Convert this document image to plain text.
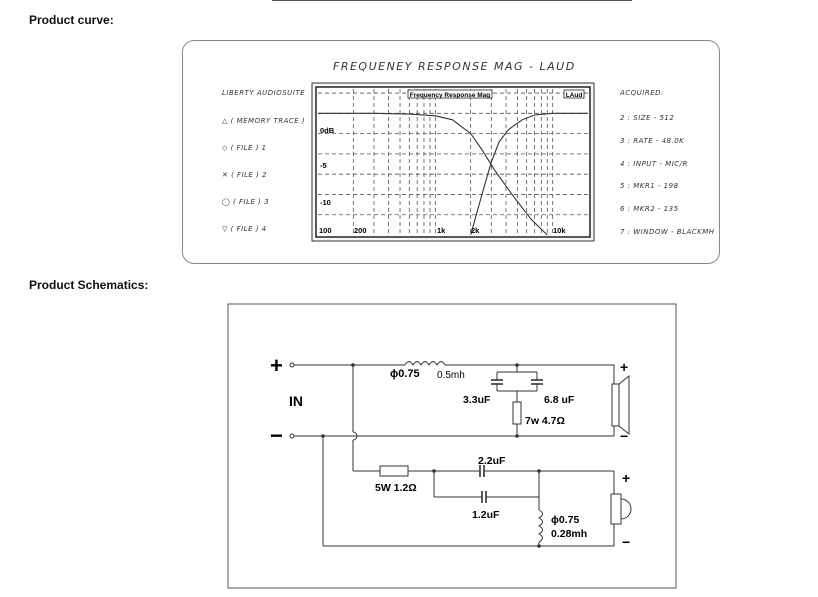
Product curve:
FREQUENEY RESPONSE MAG - LAUD
LIBERTY AUDIOSUITE
△ ( MEMORY TRACE )
◇ ( FILE ) 1
✕ ( FILE ) 2
◯ ( FILE ) 3
▽ ( FILE ) 4
ACQUIRED:
2 : SIZE - 512
3 : RATE - 48.0K
4 : INPUT - MIC/R
5 : MKR1 - 198
6 : MKR2 - 135
7 : WINDOW - BLACKMH
Frequency Response Mag	LAud
0dB
-5
-10
100	200	1k	2k	10k
Product Schematics:
+
−
IN
ϕ0.75 0.5mh
3.3uF	6.8 uF
7w 4.7Ω
+
−
5W 1.2Ω
2.2uF
1.2uF	ϕ0.75
0.28mh
+
−
